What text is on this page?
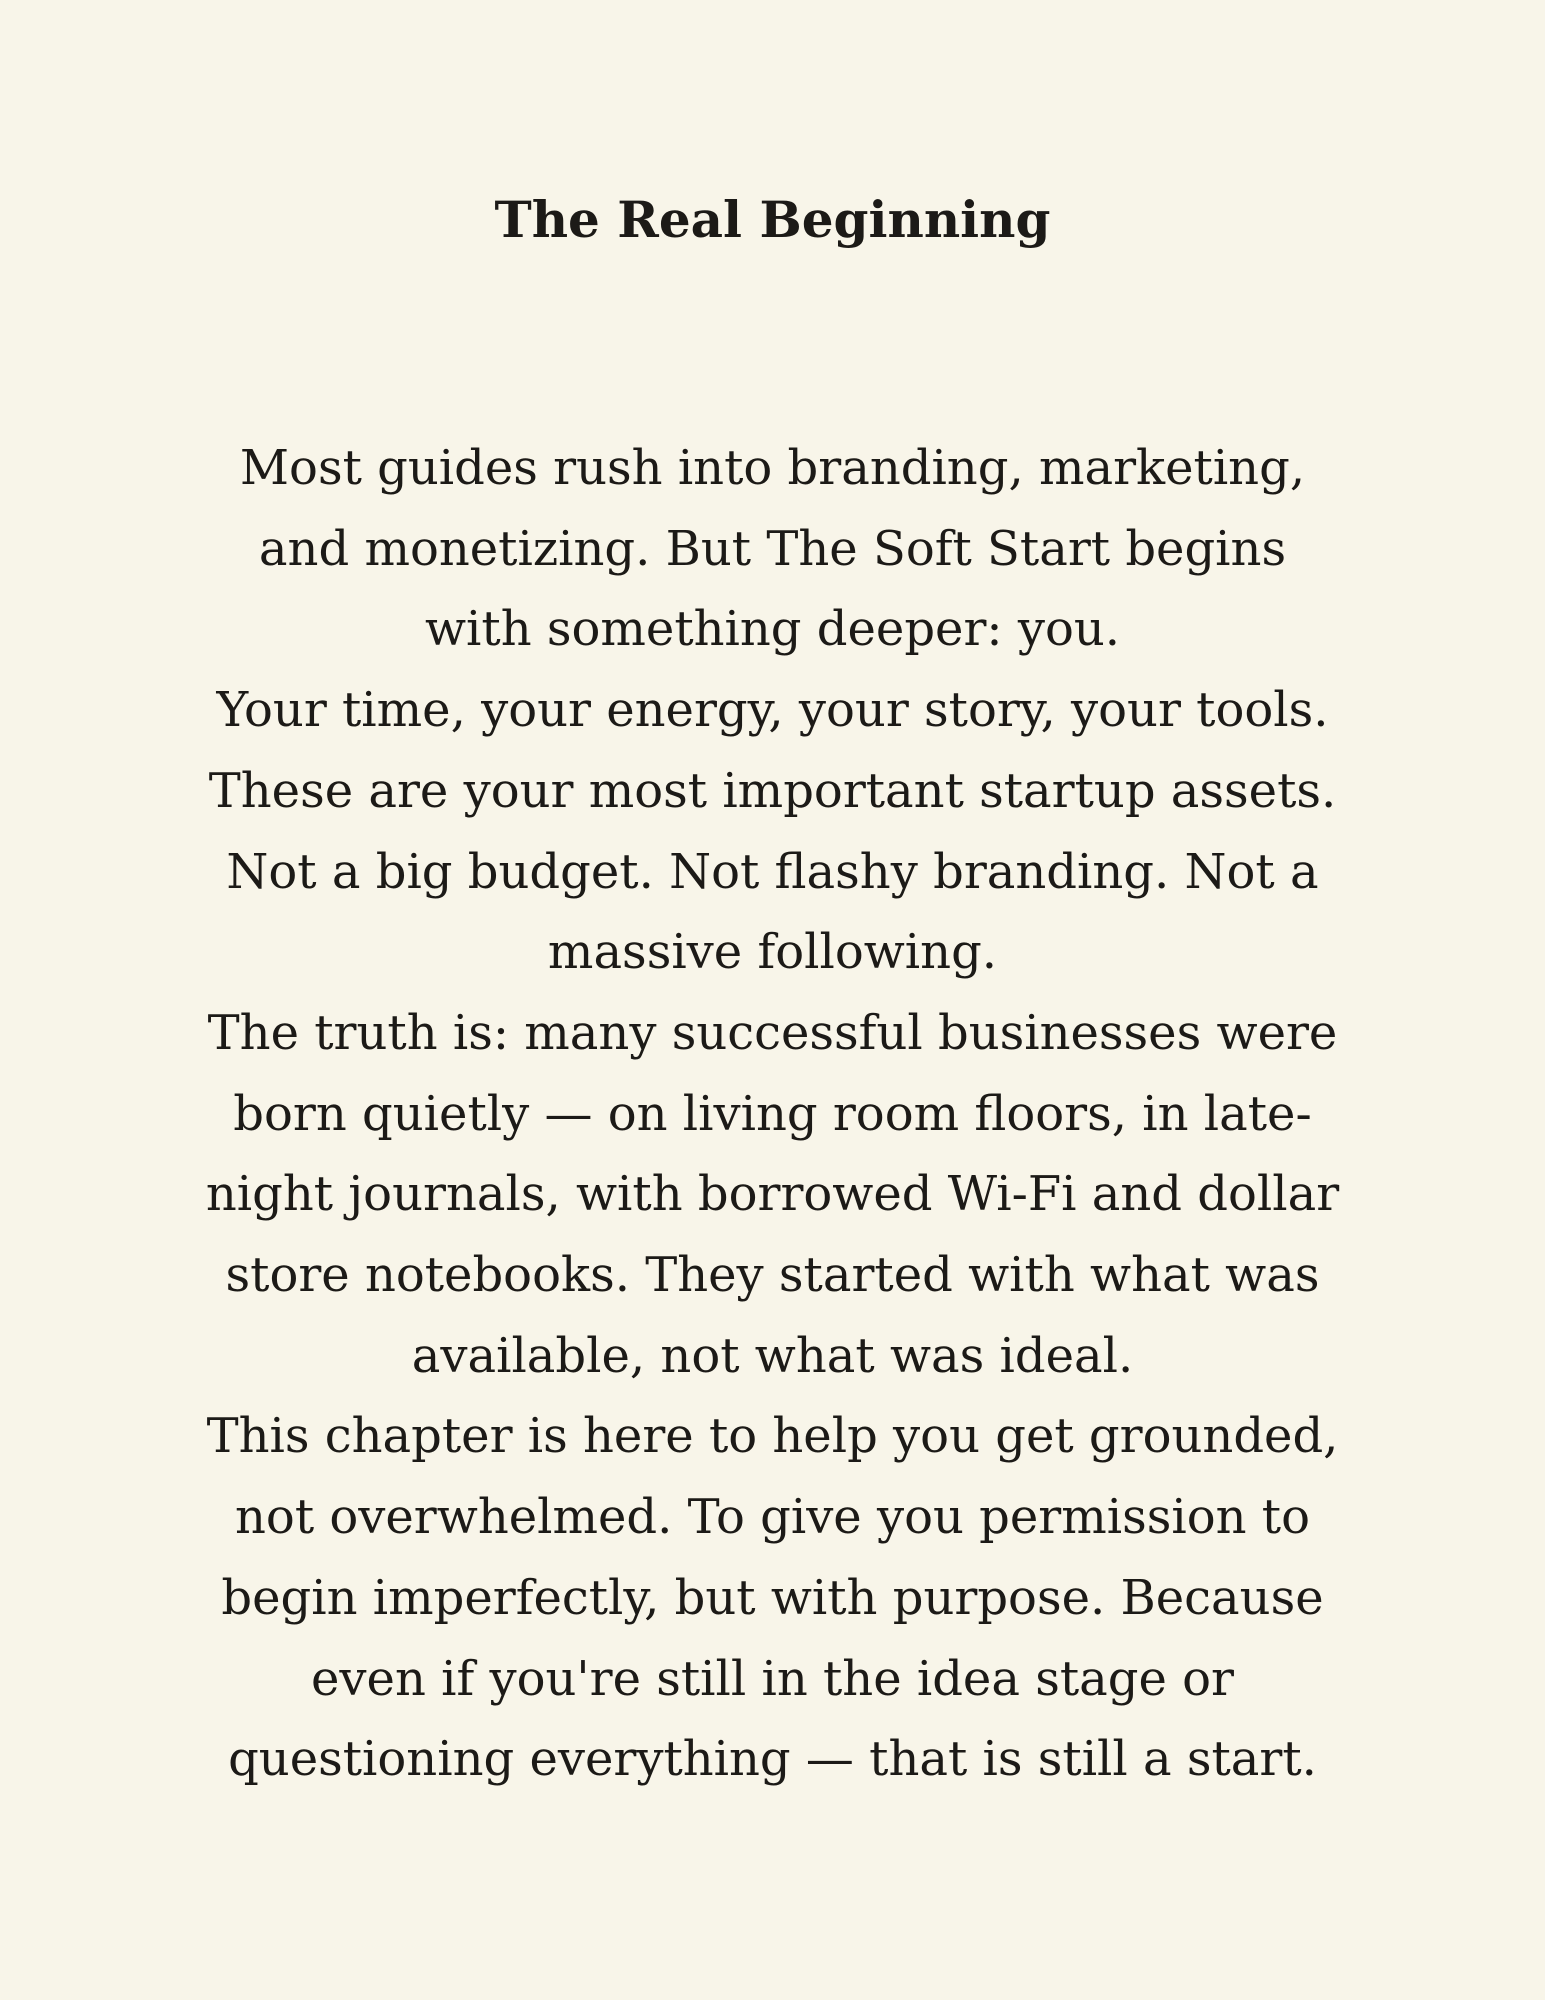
The Real Beginning

Most guides rush into branding, marketing, and monetizing. But The Soft Start begins with something deeper: you.

Your time, your energy, your story, your tools. These are your most important startup assets. Not a big budget. Not flashy branding. Not a massive following.

The truth is: many successful businesses were born quietly — on living room floors, in late-night journals, with borrowed Wi-Fi and dollar store notebooks. They started with what was available, not what was ideal.

This chapter is here to help you get grounded, not overwhelmed. To give you permission to begin imperfectly, but with purpose. Because even if you're still in the idea stage or questioning everything — that is still a start.
